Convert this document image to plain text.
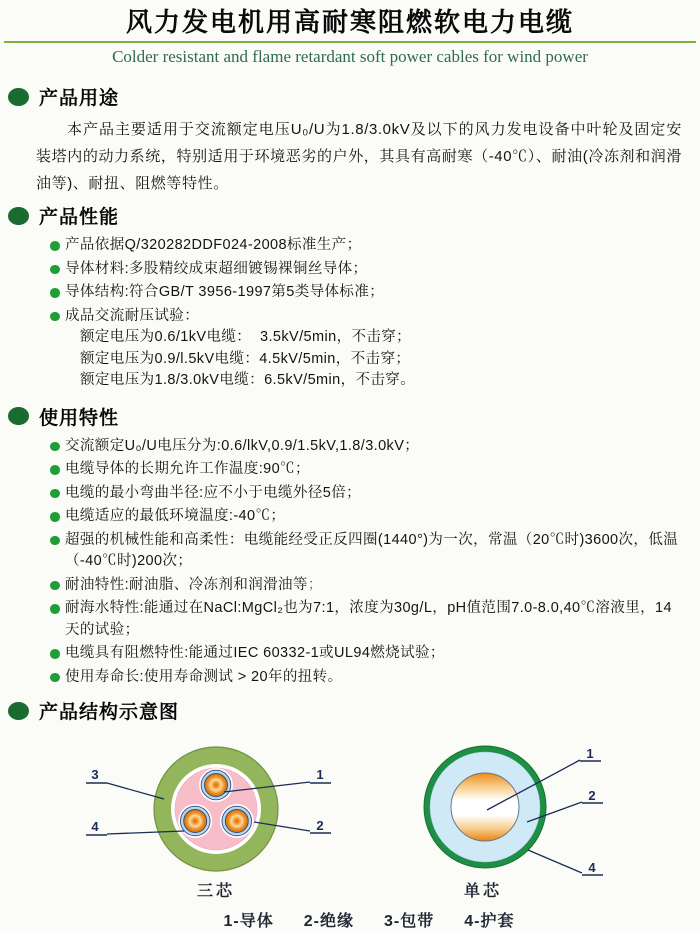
风力发电机用高耐寒阻燃软电力电缆
Colder resistant and flame retardant soft power cables for wind power
产品用途

本产品主要适用于交流额定电压U₀/U为1.8/3.0kV及以下的风力发电设备中叶轮及固定安装塔内的动力系统，特别适用于环境恶劣的户外，其具有高耐寒（-40℃）、耐油(冷冻剂和润滑油等)、耐扭、阻燃等特性。

产品性能
产品依据Q/320282DDF024-2008标准生产；
导体材料:多股精绞成束超细镀锡裸铜丝导体；
导体结构:符合GB/T 3956-1997第5类导体标准；
成品交流耐压试验：
额定电压为0.6/1kV电缆：  3.5kV/5min，不击穿；
额定电压为0.9/l.5kV电缆：4.5kV/5min，不击穿；
额定电压为1.8/3.0kV电缆：6.5kV/5min，不击穿。
使用特性
交流额定U₀/U电压分为:0.6/lkV,0.9/1.5kV,1.8/3.0kV；
电缆导体的长期允许工作温度:90℃；
电缆的最小弯曲半径:应不小于电缆外径5倍；
电缆适应的最低环境温度:-40℃；
超强的机械性能和高柔性：电缆能经受正反四圈(1440°)为一次，常温（20℃时)3600次，低温（-40℃时)200次；
耐油特性:耐油脂、冷冻剂和润滑油等；
耐海水特性:能通过在NaCl:MgCl₂也为7:1，浓度为30g/L，pH值范围7.0-8.0,40℃溶液里，14天的试验；
电缆具有阻燃特性:能通过IEC 60332-1或UL94燃烧试验；
使用寿命长:使用寿命测试 > 20年的扭转。
产品结构示意图
3
4
1
2
三芯
1
2
4
单芯
1-导体 2-绝缘 3-包带 4-护套
